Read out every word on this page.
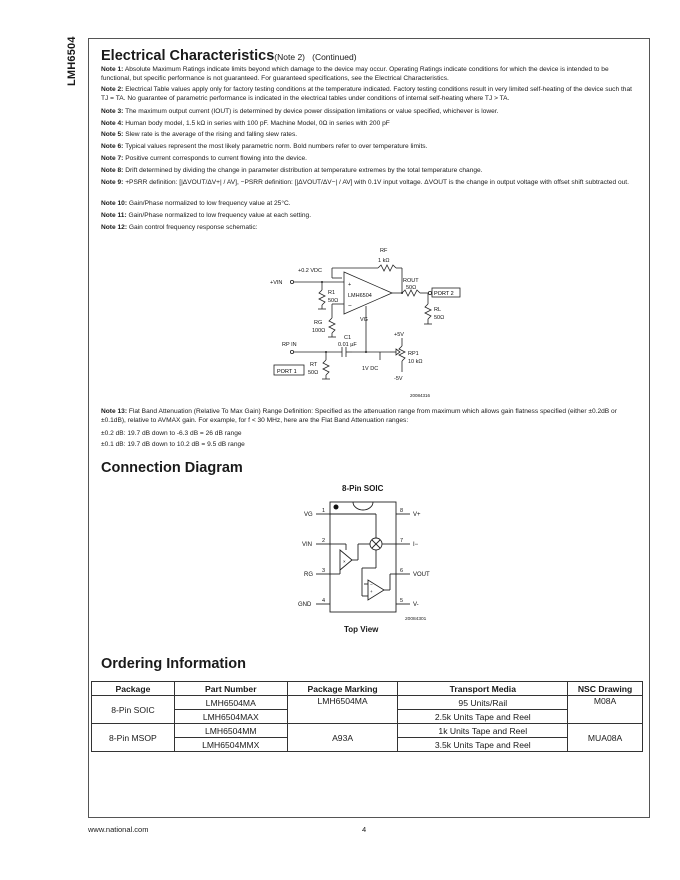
LMH6504 Electrical Characteristics(Note 2) (Continued)
Note 1: Absolute Maximum Ratings indicate limits beyond which damage to the device may occur. Operating Ratings indicate conditions for which the device is intended to be functional, but specific performance is not guaranteed. For guaranteed specifications, see the Electrical Characteristics.
Note 2: Electrical Table values apply only for factory testing conditions at the temperature indicated. Factory testing conditions result in very limited self-heating of the device such that TJ = TA. No guarantee of parametric performance is indicated in the electrical tables under conditions of internal self-heating where TJ > TA.
Note 3: The maximum output current (IOUT) is determined by device power dissipation limitations or value specified, whichever is lower.
Note 4: Human body model, 1.5 kΩ in series with 100 pF. Machine Model, 0Ω in series with 200 pF
Note 5: Slew rate is the average of the rising and falling slew rates.
Note 6: Typical values represent the most likely parametric norm. Bold numbers refer to over temperature limits.
Note 7: Positive current corresponds to current flowing into the device.
Note 8: Drift determined by dividing the change in parameter distribution at temperature extremes by the total temperature change.
Note 9: +PSRR definition: [|ΔVOUT/ΔV+| / AV], −PSRR definition: [|ΔVOUT/ΔV−| / AV] with 0.1V input voltage. ΔVOUT is the change in output voltage with offset shift subtracted out.
Note 10: Gain/Phase normalized to low frequency value at 25°C.
Note 11: Gain/Phase normalized to low frequency value at each setting.
Note 12: Gain control frequency response schematic:
RF
1 kΩ
+0.2 VDC
+VIN
R1
50Ω
+
−
LMH6504
ROUT
50Ω
RL
50Ω
RG
100Ω
VG
C1
0.01 µF
+5V
RP1
10 kΩ
RP IN
RT
50Ω
1V DC
-5V
20084316
PORT 2
PORT 1
Note 13: Flat Band Attenuation (Relative To Max Gain) Range Definition: Specified as the attenuation range from maximum which allows gain flatness specified (either ±0.2dB or ±0.1dB), relative to AVMAX gain. For example, for f < 30 MHz, here are the Flat Band Attenuation ranges:
±0.2 dB: 19.7 dB down to -6.3 dB = 26 dB range
±0.1 dB: 19.7 dB down to 10.2 dB = 9.5 dB range
Connection Diagram
8-Pin SOIC
1
2
3
4
8
7
6
5
×
+
−
VG
VIN
RG
GND
V+
I−
VOUT
V-
20084301
Top View
Ordering Information
Package	Part Number	Package Marking	Transport Media	NSC Drawing
8-Pin SOIC	LMH6504MA	LMH6504MA	95 Units/Rail	M08A
	LMH6504MAX		2.5k Units Tape and Reel	
8-Pin MSOP	LMH6504MM	A93A	1k Units Tape and Reel	MUA08A
	LMH6504MMX		3.5k Units Tape and Reel	
www.national.com	4
